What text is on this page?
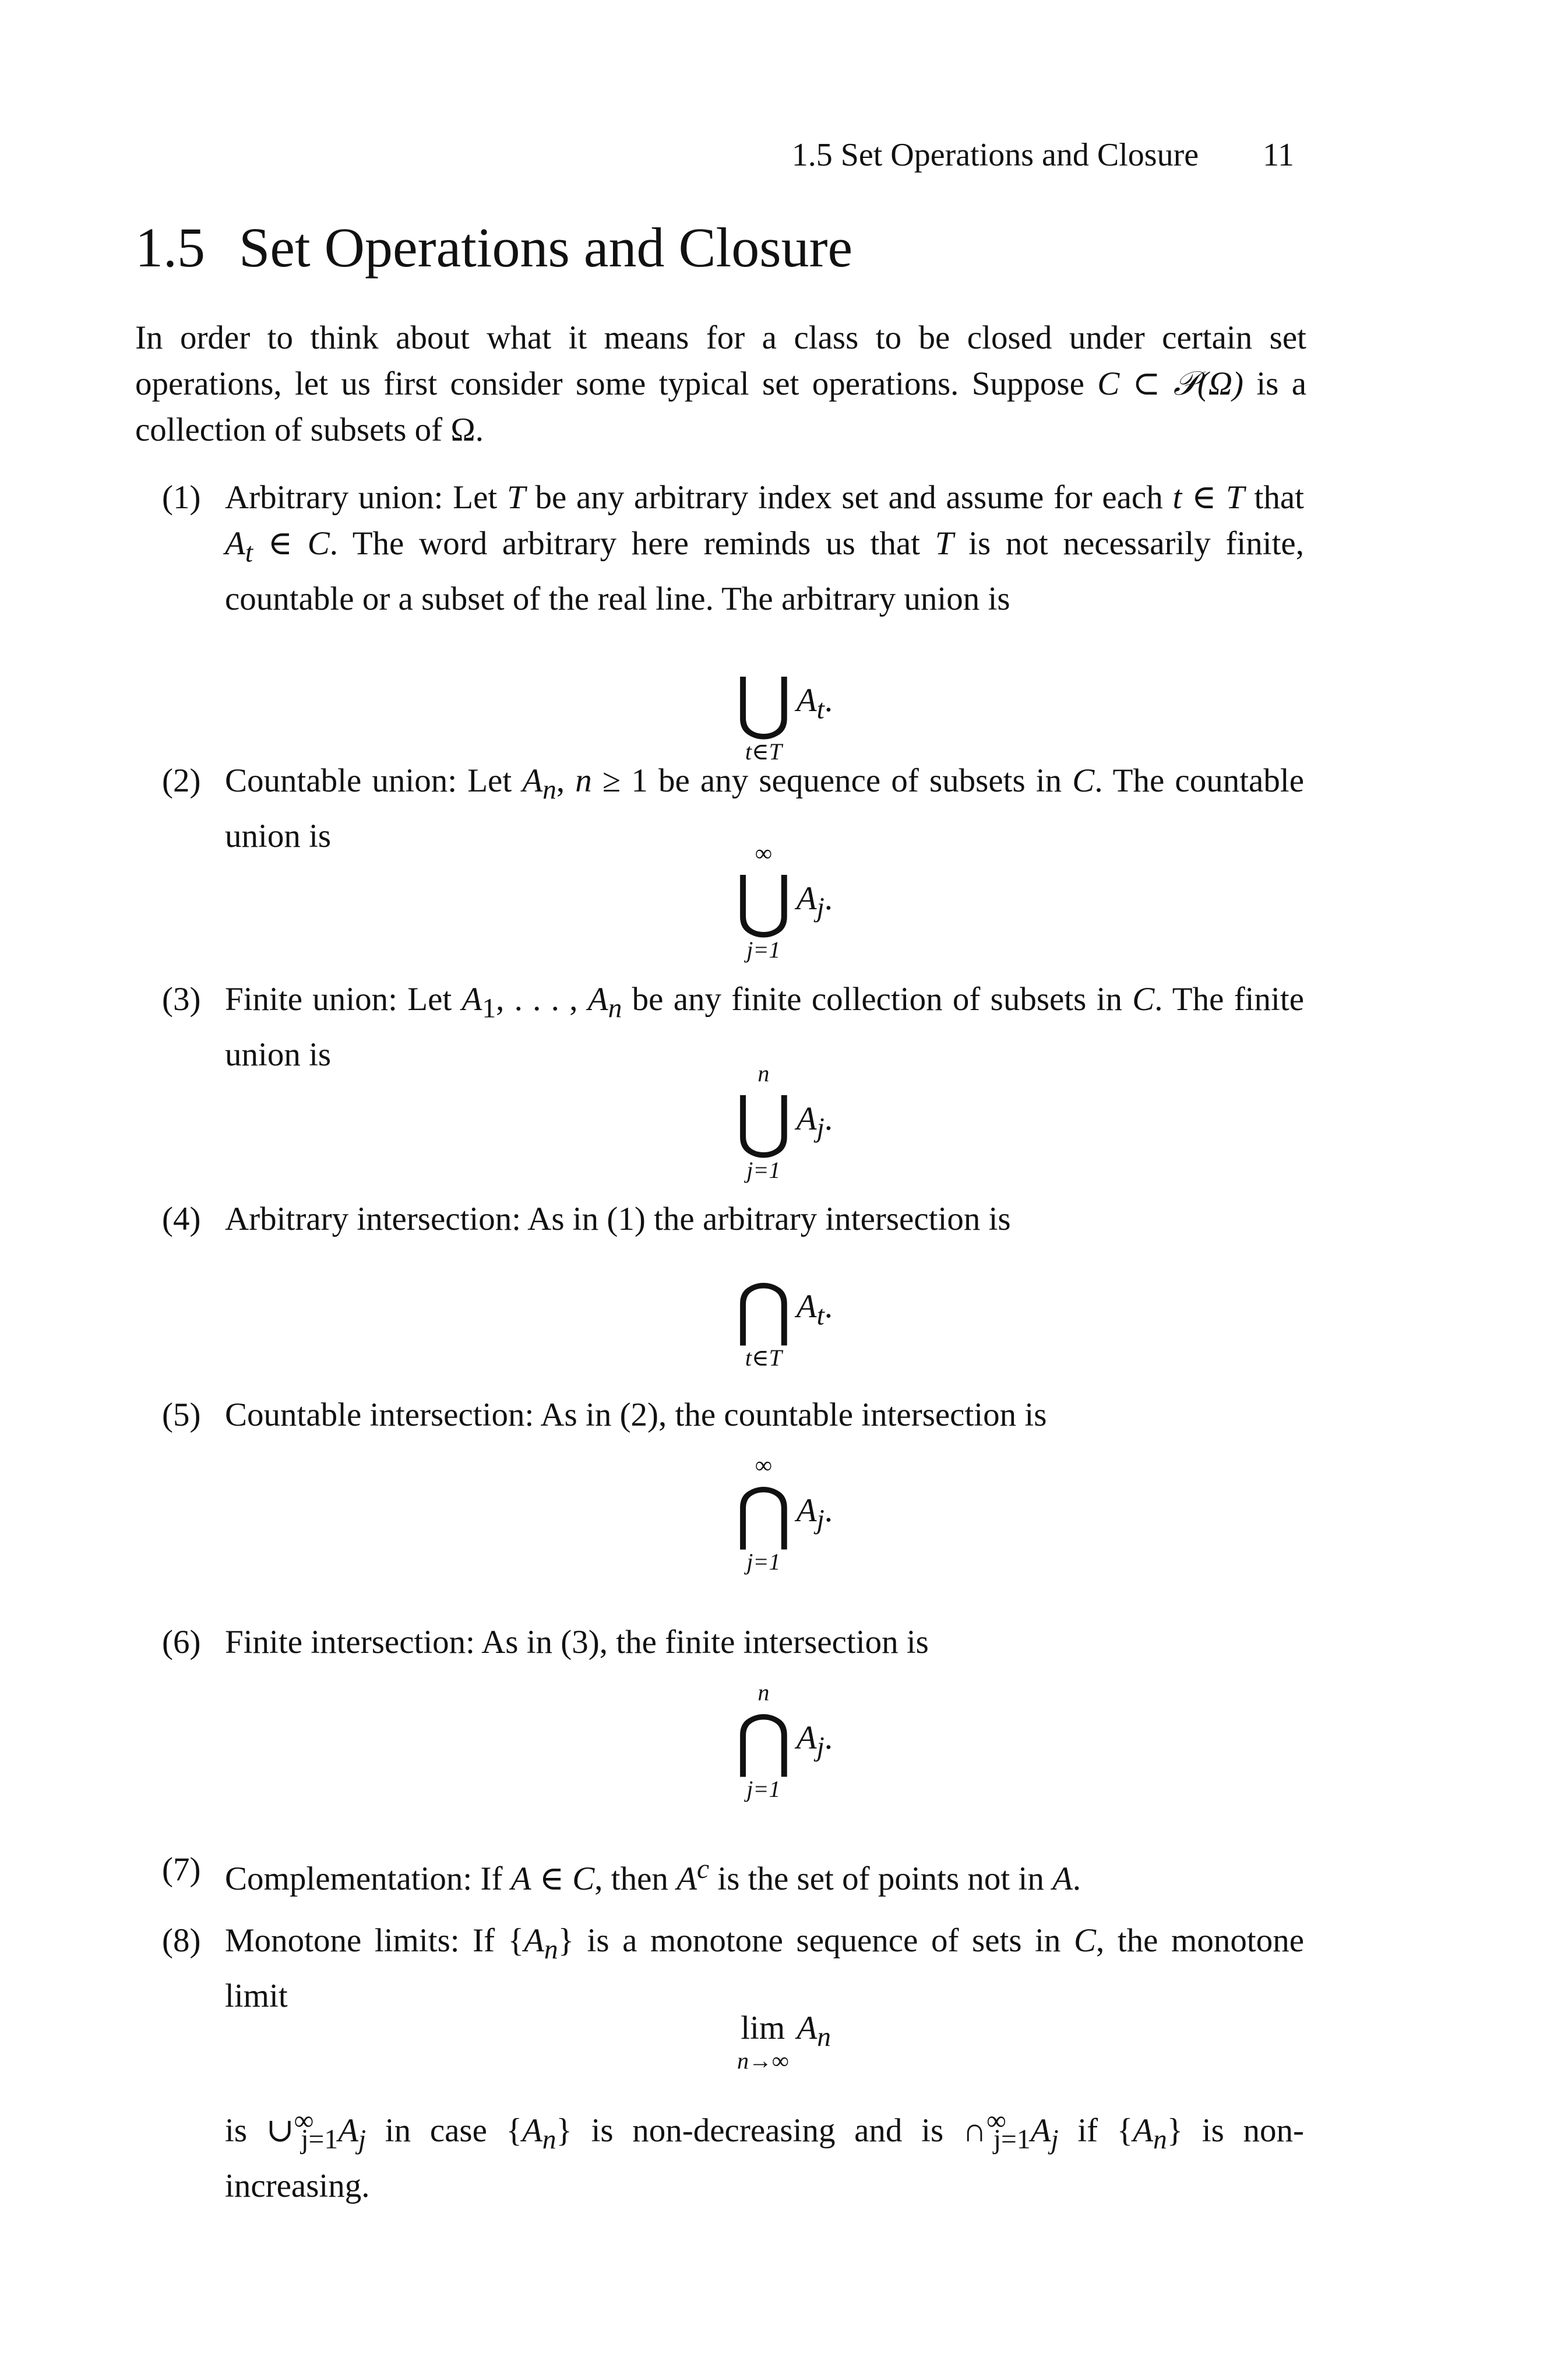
1.5 Set Operations and Closure 11
1.5 Set Operations and Closure

In order to think about what it means for a class to be closed under certain set operations, let us first consider some typical set operations. Suppose C ⊂ 𝒫(Ω) is a collection of subsets of Ω.

(1) Arbitrary union: Let T be any arbitrary index set and assume for each t ∈ T that $A_t$ ∈ C. The word arbitrary here reminds us that T is not necessarily finite, countable or a subset of the real line. The arbitrary union is
⋃
t∈T
$A_t$.
(2) Countable union: Let $A_n$, n ≥ 1 be any sequence of subsets in C. The countable union is	∞
⋃
j=1
$A_j$.
(3) Finite union: Let $A_1$, . . . , $A_n$ be any finite collection of subsets in C. The finite union is
n
⋃
j=1
$A_j$.
(4) Arbitrary intersection: As in (1) the arbitrary intersection is
⋂
t∈T
$A_t$.
(5) Countable intersection: As in (2), the countable intersection is
∞
⋂
j=1
$A_j$.
(6) Finite intersection: As in (3), the finite intersection is
n
⋂
j=1
$A_j$.
(7) Complementation: If A ∈ C, then $A^c$ is the set of points not in A.
(8) Monotone limits: If $\{A_n\}$ is a monotone sequence of sets in C, the monotone limit
lim
n→∞
$A_n$
is $\cup^\infty_{j=1}A_j$ in case $\{A_n\}$ is non-decreasing and is $\cap^\infty_{j=1}A_j$ if $\{A_n\}$ is non-increasing.
